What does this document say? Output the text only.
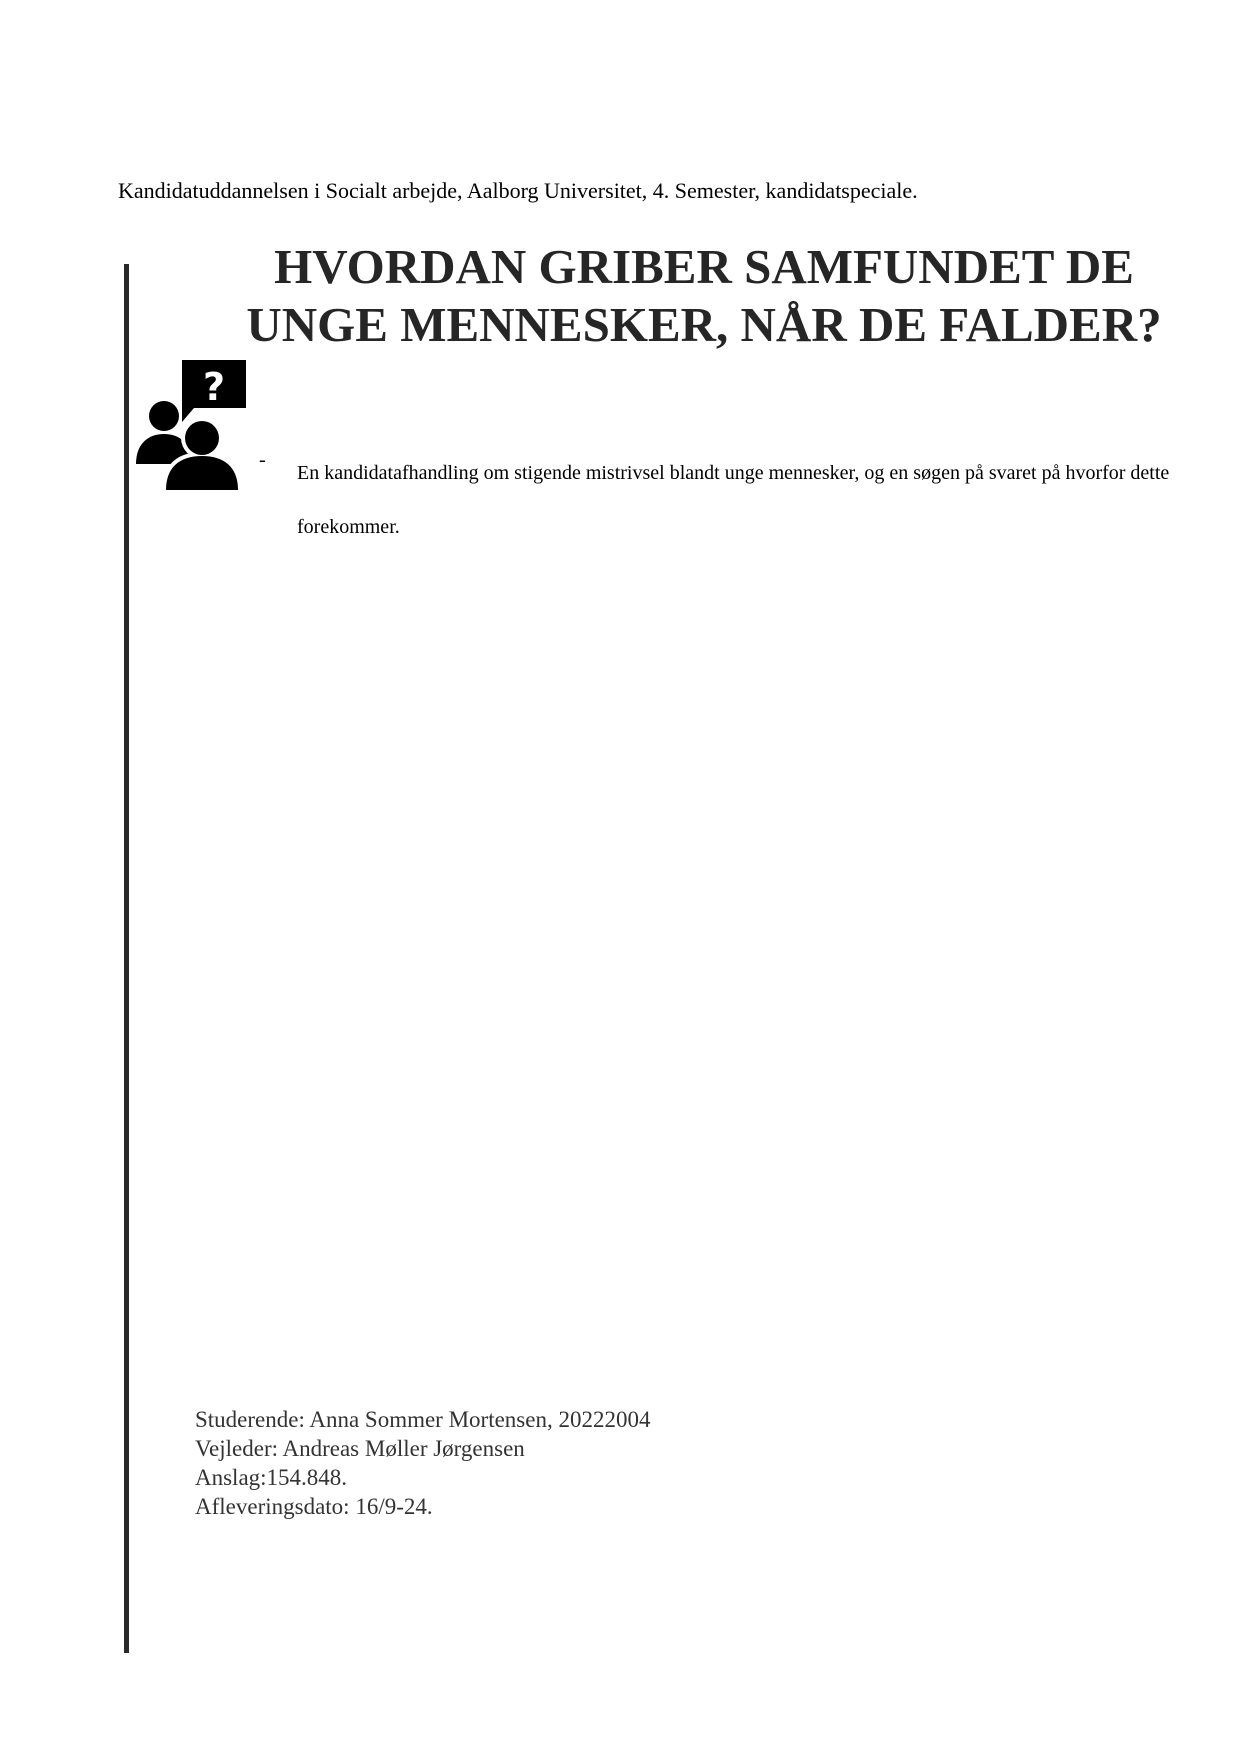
Kandidatuddannelsen i Socialt arbejde, Aalborg Universitet, 4. Semester, kandidatspeciale.
HVORDAN GRIBER SAMFUNDET DE
UNGE MENNESKER, NÅR DE FALDER?
?
-

En kandidatafhandling om stigende mistrivsel blandt unge mennesker, og en søgen på svaret på hvorfor dette forekommer.

Studerende: Anna Sommer Mortensen, 20222004
Vejleder: Andreas Møller Jørgensen
Anslag:154.848.
Afleveringsdato: 16/9-24.
